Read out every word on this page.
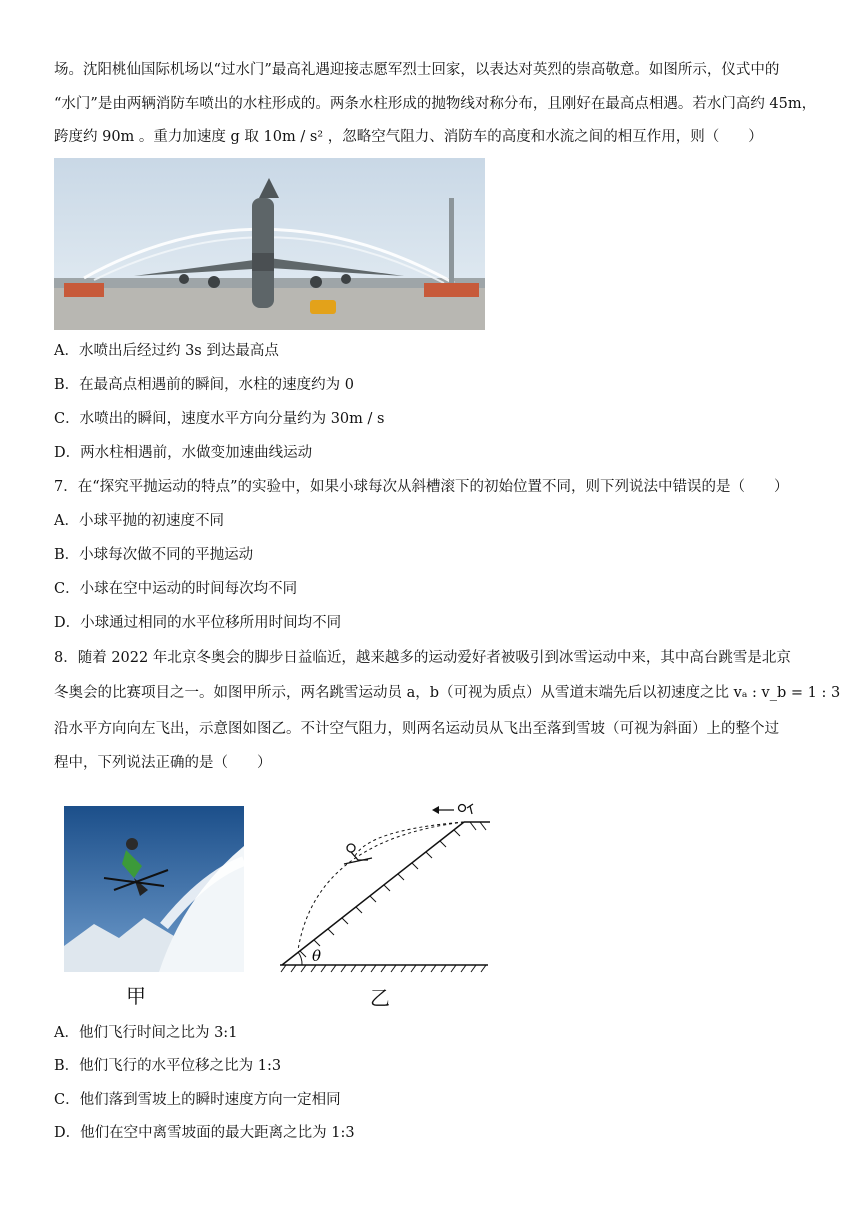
场。沈阳桃仙国际机场以“过水门”最高礼遇迎接志愿军烈士回家，以表达对英烈的崇高敬意。如图所示，仪式中的
“水门”是由两辆消防车喷出的水柱形成的。两条水柱形成的抛物线对称分布，且刚好在最高点相遇。若水门高约 45m，
跨度约 90m 。重力加速度 g 取 10m / s² ，忽略空气阻力、消防车的高度和水流之间的相互作用，则（　　）
A．水喷出后经过约 3s 到达最高点
B．在最高点相遇前的瞬间，水柱的速度约为 0
C．水喷出的瞬间，速度水平方向分量约为 30m / s
D．两水柱相遇前，水做变加速曲线运动
7．在“探究平抛运动的特点”的实验中，如果小球每次从斜槽滚下的初始位置不同，则下列说法中错误的是（　　）
A．小球平抛的初速度不同
B．小球每次做不同的平抛运动
C．小球在空中运动的时间每次均不同
D．小球通过相同的水平位移所用时间均不同
8．随着 2022 年北京冬奥会的脚步日益临近，越来越多的运动爱好者被吸引到冰雪运动中来，其中高台跳雪是北京
冬奥会的比赛项目之一。如图甲所示，两名跳雪运动员 a，b（可视为质点）从雪道末端先后以初速度之比 vₐ : v_b = 1 : 3
沿水平方向向左飞出，示意图如图乙。不计空气阻力，则两名运动员从飞出至落到雪坡（可视为斜面）上的整个过
程中，下列说法正确的是（　　）
甲
θ
乙
A．他们飞行时间之比为 3:1
B．他们飞行的水平位移之比为 1:3
C．他们落到雪坡上的瞬时速度方向一定相同
D．他们在空中离雪坡面的最大距离之比为 1:3
